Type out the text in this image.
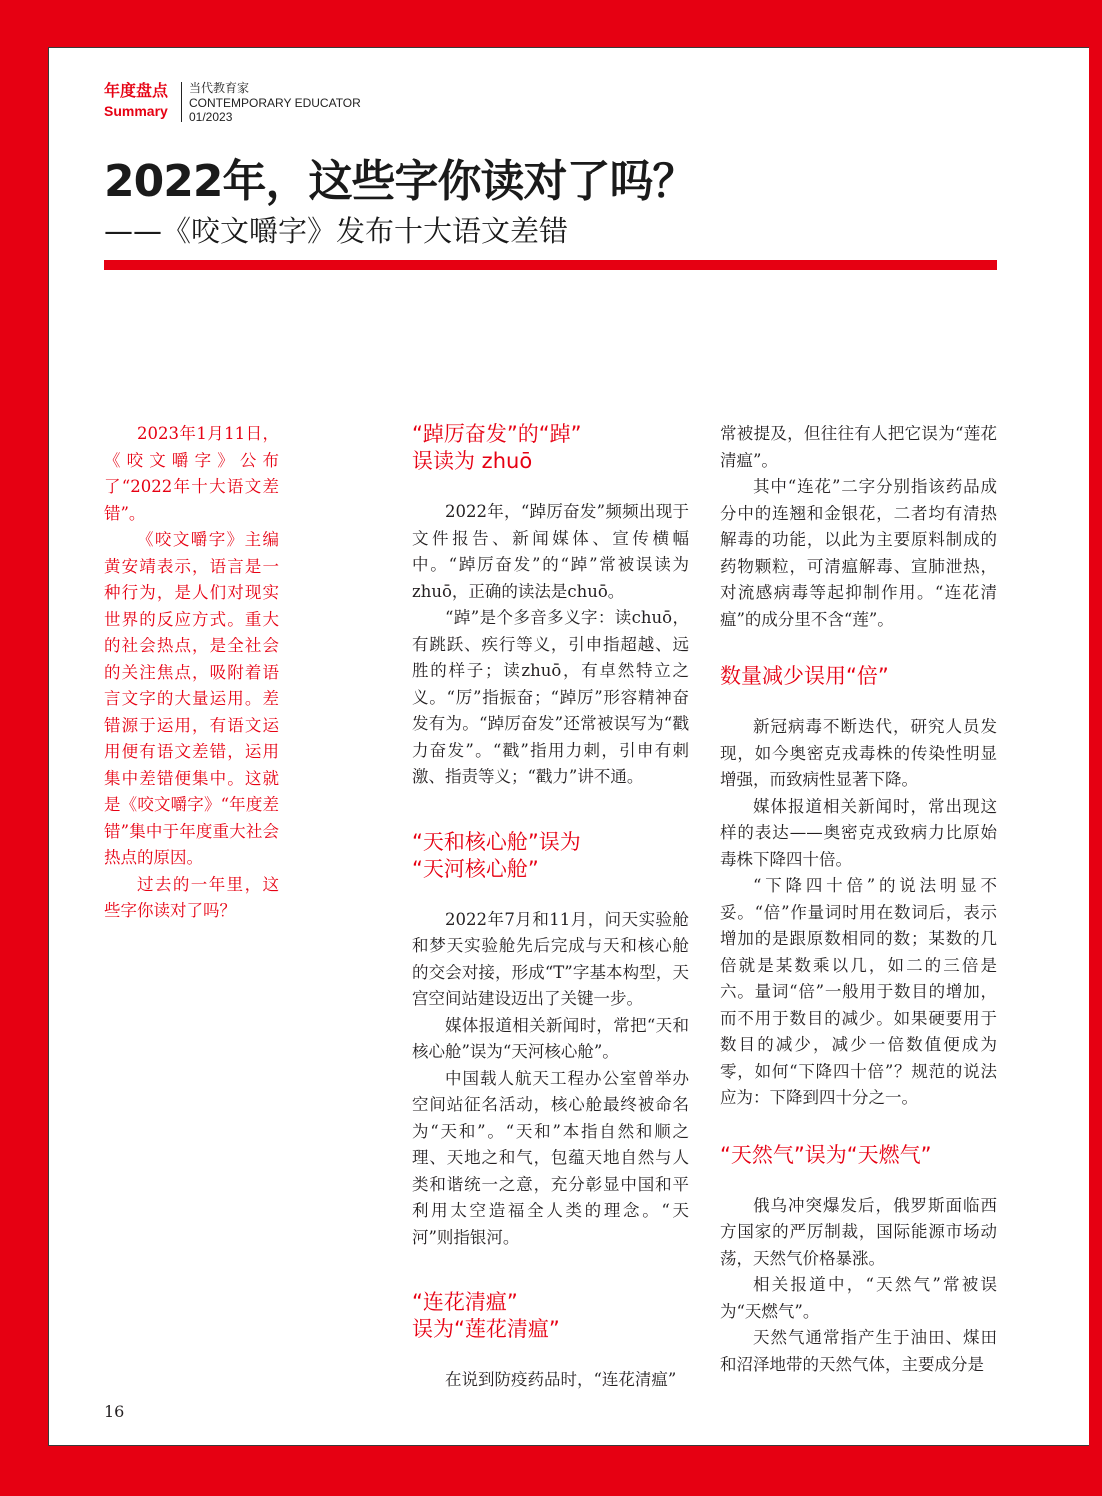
年度盘点
Summary
当代教育家
CONTEMPORARY EDUCATOR
01/2023
2022年，这些字你读对了吗？
——《咬文嚼字》发布十大语文差错

2023年1月11日，《咬文嚼字》公布了“2022年十大语文差错”。

《咬文嚼字》主编黄安靖表示，语言是一种行为，是人们对现实世界的反应方式。重大的社会热点，是全社会的关注焦点，吸附着语言文字的大量运用。差错源于运用，有语文运用便有语文差错，运用集中差错便集中。这就是《咬文嚼字》“年度差错”集中于年度重大社会热点的原因。

过去的一年里，这些字你读对了吗？

“踔厉奋发”的“踔”
误读为 zhuō

2022年，“踔厉奋发”频频出现于文件报告、新闻媒体、宣传横幅中。“踔厉奋发”的“踔”常被误读为zhuō，正确的读法是chuō。

“踔”是个多音多义字：读chuō，有跳跃、疾行等义，引申指超越、远胜的样子；读zhuō，有卓然特立之义。“厉”指振奋；“踔厉”形容精神奋发有为。“踔厉奋发”还常被误写为“戳力奋发”。“戳”指用力刺，引申有刺激、指责等义；“戳力”讲不通。

“天和核心舱”误为
“天河核心舱”

2022年7月和11月，问天实验舱和梦天实验舱先后完成与天和核心舱的交会对接，形成“T”字基本构型，天宫空间站建设迈出了关键一步。

媒体报道相关新闻时，常把“天和核心舱”误为“天河核心舱”。

中国载人航天工程办公室曾举办空间站征名活动，核心舱最终被命名为“天和”。“天和”本指自然和顺之理、天地之和气，包蕴天地自然与人类和谐统一之意，充分彰显中国和平利用太空造福全人类的理念。“天河”则指银河。

“连花清瘟”
误为“莲花清瘟”

在说到防疫药品时，“连花清瘟”

常被提及，但往往有人把它误为“莲花清瘟”。

其中“连花”二字分别指该药品成分中的连翘和金银花，二者均有清热解毒的功能，以此为主要原料制成的药物颗粒，可清瘟解毒、宣肺泄热，对流感病毒等起抑制作用。“连花清瘟”的成分里不含“莲”。

数量减少误用“倍”

新冠病毒不断迭代，研究人员发现，如今奥密克戎毒株的传染性明显增强，而致病性显著下降。

媒体报道相关新闻时，常出现这样的表达——奥密克戎致病力比原始毒株下降四十倍。

“下降四十倍”的说法明显不妥。“倍”作量词时用在数词后，表示增加的是跟原数相同的数；某数的几倍就是某数乘以几，如二的三倍是六。量词“倍”一般用于数目的增加，而不用于数目的减少。如果硬要用于数目的减少，减少一倍数值便成为零，如何“下降四十倍”？规范的说法应为：下降到四十分之一。

“天然气”误为“天燃气”

俄乌冲突爆发后，俄罗斯面临西方国家的严厉制裁，国际能源市场动荡，天然气价格暴涨。

相关报道中，“天然气”常被误为“天燃气”。

天然气通常指产生于油田、煤田和沼泽地带的天然气体，主要成分是

16
